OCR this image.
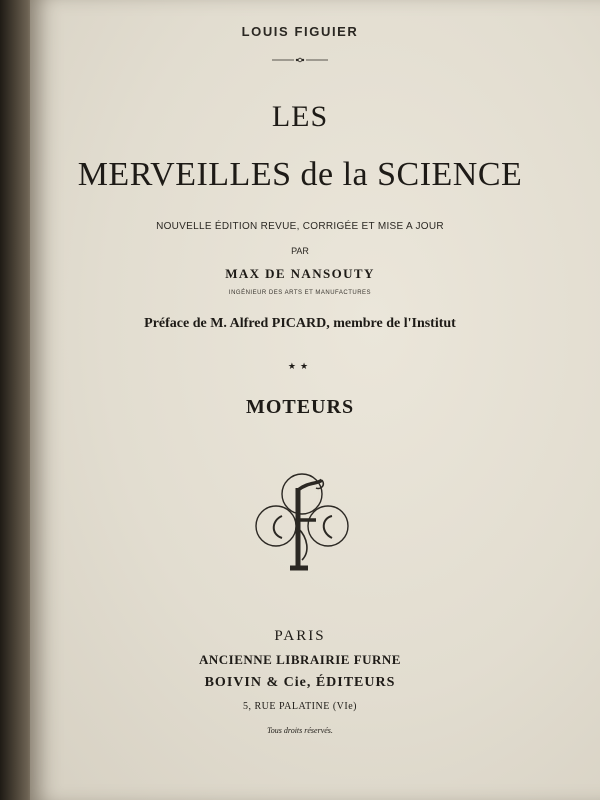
LOUIS FIGUIER
LES
MERVEILLES de la SCIENCE
NOUVELLE ÉDITION REVUE, CORRIGÉE ET MISE A JOUR
PAR
MAX DE NANSOUTY
INGÉNIEUR DES ARTS ET MANUFACTURES
Préface de M. Alfred PICARD, membre de l'Institut
★★
MOTEURS
PARIS
ANCIENNE LIBRAIRIE FURNE
BOIVIN & Cie, ÉDITEURS
5, RUE PALATINE (VIe)
Tous droits réservés.
